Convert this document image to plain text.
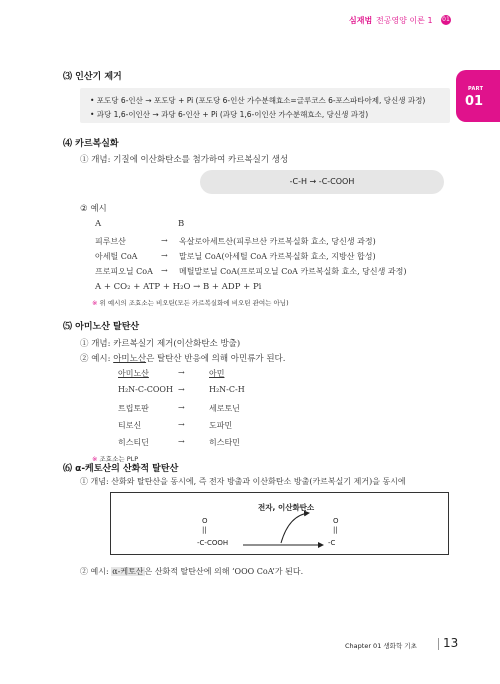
심재범 전공영양 이론 1 01
PART
01
⑶ 인산기 제거
• 포도당 6-인산 → 포도당 + Pi (포도당 6-인산 가수분해효소=글루코스 6-포스파타아제, 당신생 과정)
• 과당 1,6-이인산 → 과당 6-인산 + Pi (과당 1,6-이인산 가수분해효소, 당신생 과정)
⑷ 카르복실화
① 개념: 기질에 이산화탄소를 첨가하여 카르복실기 생성
-C-H → -C-COOH
② 예시
A	B
피루브산	→ 옥살로아세트산(피루브산 카르복실화 효소, 당신생 과정)
아세틸 CoA	→ 말로닐 CoA(아세틸 CoA 카르복실화 효소, 지방산 합성)
프로피오닐 CoA → 메틸말로닐 CoA(프로피오닐 CoA 카르복실화 효소, 당신생 과정)
A + CO₂ + ATP + H₂O → B + ADP + Pi
※ 위 예시의 조효소는 비오틴(모든 카르복실화에 비오틴 관여는 아님)
⑸ 아미노산 탈탄산
① 개념: 카르복실기 제거(이산화탄소 방출)
② 예시: 아미노산은 탈탄산 반응에 의해 아민류가 된다.
아미노산	→	아민
H₂N-C-COOH →	H₂N-C-H
트립토판	→	세로토닌
티로신	→	도파민
히스티딘	→	히스타민
※ 조효소는 PLP
⑹ α-케토산의 산화적 탈탄산
① 개념: 산화와 탈탄산을 동시에, 즉 전자 방출과 이산화탄소 방출(카르복실기 제거)을 동시에
전자, 이산화탄소
O
||
-C-COOH
O
||
-C
② 예시: α-케토산은 산화적 탈탄산에 의해 ‘OOO CoA’가 된다.
Chapter 01 생화학 기초 13
